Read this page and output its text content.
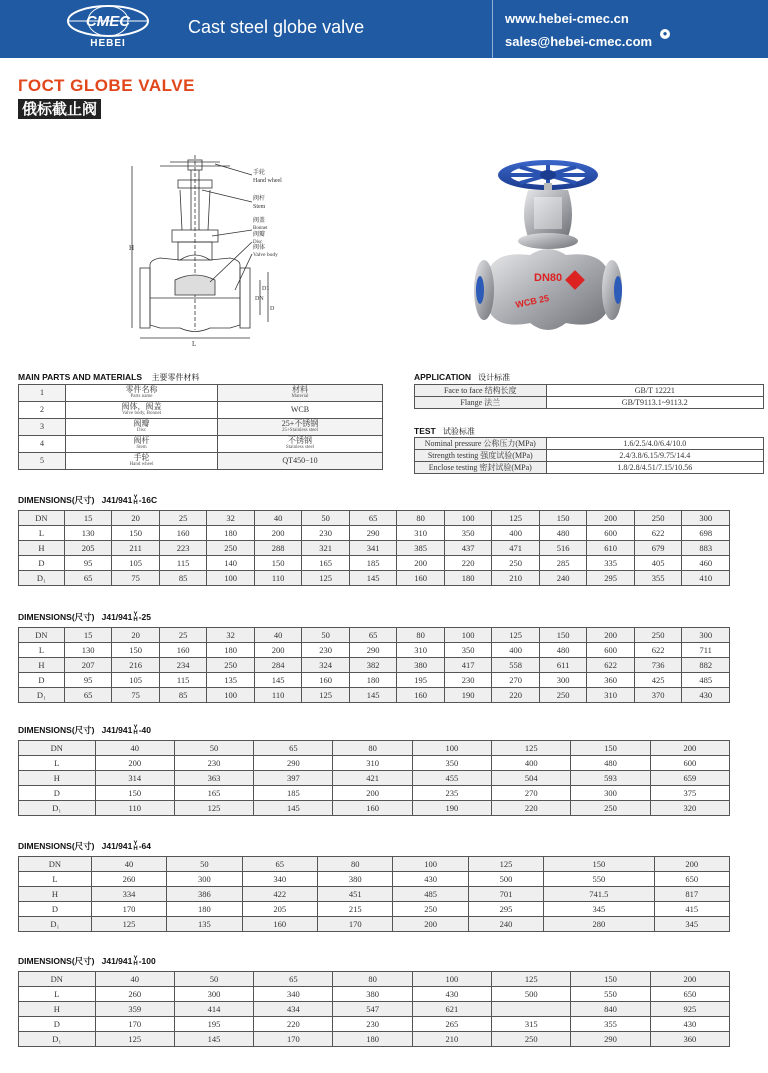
CMEC
HEBEI
Cast steel globe valve	www.hebei-cmec.cn
sales@hebei-cmec.com
●
ГОСТ GLOBE VALVE
俄标截止阀
H
L
DN
D1
D
手轮
Hand wheel
阀杆
Stem
阀盖
Bonnet
阀瓣
Disc
阀体
Valve body
DN80
WCB 25
MAIN PARTS AND MATERIALS 主要零件材料
1	零件名称
Parts name	材料
Material

2	阀体，阀盖
Valve body, Bonnet	WCB

3	阀瓣
Disc	25+不锈钢
25+Stainless steel

4	阀杆
Stem	不锈钢
Stainless steel

5	手轮
Hand wheel	QT450−10
APPLICATION 设计标准
Face to face 结构长度	GB/T 12221
Flange 法兰	GB/T9113.1~9113.2
TEST 试验标准
Nominal pressure 公称压力(MPa)	1.6/2.5/4.0/6.4/10.0
Strength testing 强度试验(MPa)	2.4/3.8/6.15/9.75/14.4
Enclose testing 密封试验(MPa)	1.8/2.8/4.51/7.15/10.56
DIMENSIONS(尺寸) J41/941 Y
H -16C
DN	15	20	25	32	40	50	65	80	100	125	150	200	250	300
L	130	150	160	180	200	230	290	310	350	400	480	600	622	698
H	205	211	223	250	288	321	341	385	437	471	516	610	679	883
D	95	105	115	140	150	165	185	200	220	250	285	335	405	460
D₁	65	75	85	100	110	125	145	160	180	210	240	295	355	410
DIMENSIONS(尺寸) J41/941 Y
H -25
DN	15	20	25	32	40	50	65	80	100	125	150	200	250	300
L	130	150	160	180	200	230	290	310	350	400	480	600	622	711
H	207	216	234	250	284	324	382	380	417	558	611	622	736	882
D	95	105	115	135	145	160	180	195	230	270	300	360	425	485
D₁	65	75	85	100	110	125	145	160	190	220	250	310	370	430
DIMENSIONS(尺寸) J41/941 Y
H -40
DN	40	50	65	80	100	125	150	200
L	200	230	290	310	350	400	480	600
H	314	363	397	421	455	504	593	659
D	150	165	185	200	235	270	300	375
D₁	110	125	145	160	190	220	250	320
DIMENSIONS(尺寸) J41/941 Y
H -64
DN	40	50	65	80	100	125	150	200
L	260	300	340	380	430	500	550	650
H	334	386	422	451	485	701	741.5	817
D	170	180	205	215	250	295	345	415
D₁	125	135	160	170	200	240	280	345
DIMENSIONS(尺寸) J41/941 Y
H -100
DN	40	50	65	80	100	125	150	200
L	260	300	340	380	430	500	550	650
H	359	414	434	547	621		840	925
D	170	195	220	230	265	315	355	430
D₁	125	145	170	180	210	250	290	360
